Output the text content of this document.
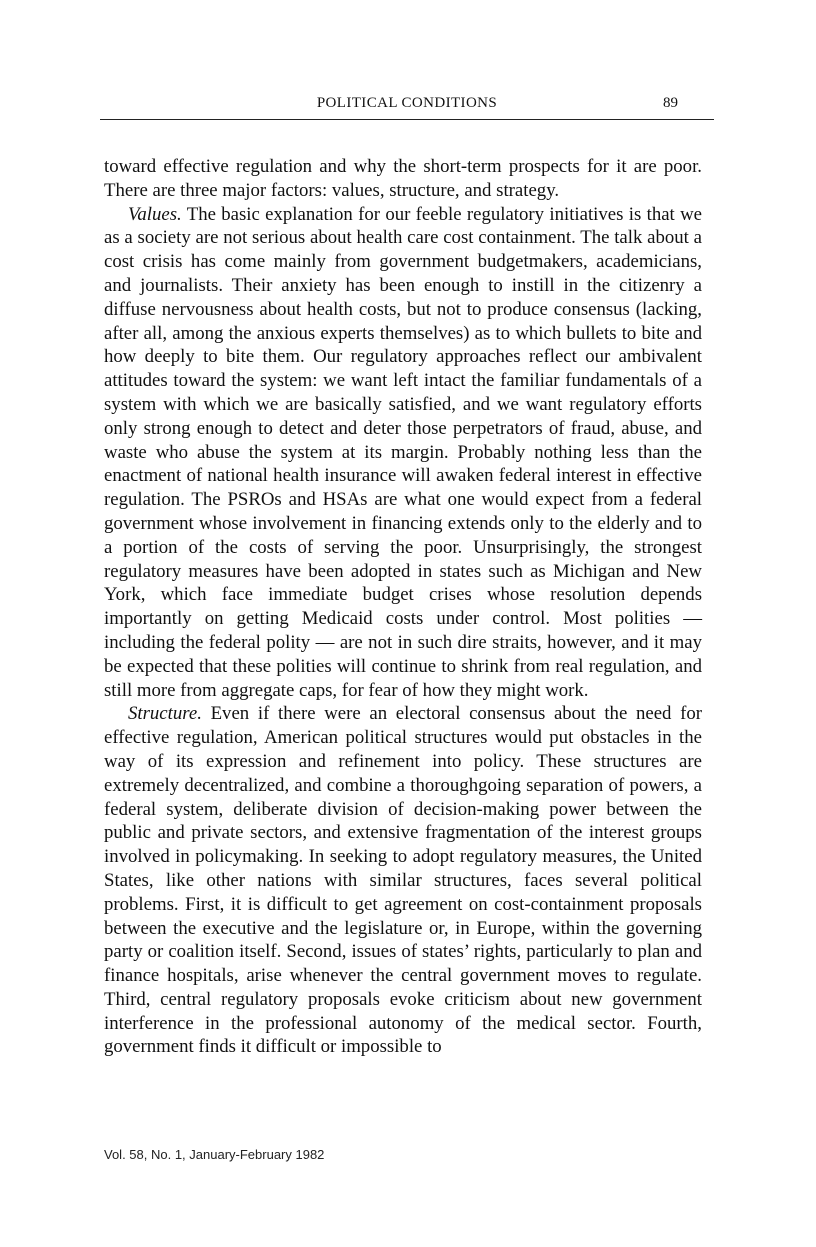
POLITICAL CONDITIONS	89

toward effective regulation and why the short-term prospects for it are poor. There are three major factors: values, structure, and strategy.

Values. The basic explanation for our feeble regulatory initiatives is that we as a society are not serious about health care cost containment. The talk about a cost crisis has come mainly from government budgetmakers, academicians, and journalists. Their anxiety has been enough to instill in the citizenry a diffuse nervousness about health costs, but not to produce consensus (lacking, after all, among the anxious experts themselves) as to which bullets to bite and how deeply to bite them. Our regulatory approaches reflect our ambivalent attitudes toward the system: we want left intact the familiar fundamentals of a system with which we are basically satisfied, and we want regulatory efforts only strong enough to detect and deter those perpetrators of fraud, abuse, and waste who abuse the system at its margin. Probably nothing less than the enactment of national health insurance will awaken federal interest in effective regulation. The PSROs and HSAs are what one would expect from a federal government whose involvement in financing extends only to the elderly and to a portion of the costs of serving the poor. Unsurprisingly, the strongest regulatory measures have been adopted in states such as Michigan and New York, which face immediate budget crises whose resolution depends importantly on getting Medicaid costs under control. Most polities — including the federal polity — are not in such dire straits, however, and it may be expected that these polities will continue to shrink from real regulation, and still more from aggregate caps, for fear of how they might work.

Structure. Even if there were an electoral consensus about the need for effective regulation, American political structures would put obstacles in the way of its expression and refinement into policy. These structures are extremely decentralized, and combine a thoroughgoing separation of powers, a federal system, deliberate division of decision-making power between the public and private sectors, and extensive fragmentation of the interest groups involved in policymaking. In seeking to adopt regulatory measures, the United States, like other nations with similar structures, faces several political problems. First, it is difficult to get agreement on cost-containment proposals between the executive and the legislature or, in Europe, within the governing party or coalition itself. Second, issues of states’ rights, particularly to plan and finance hospitals, arise whenever the central government moves to regulate. Third, central regulatory proposals evoke criticism about new government interference in the professional autonomy of the medical sector. Fourth, government finds it difficult or impossible to

Vol. 58, No. 1, January-February 1982
